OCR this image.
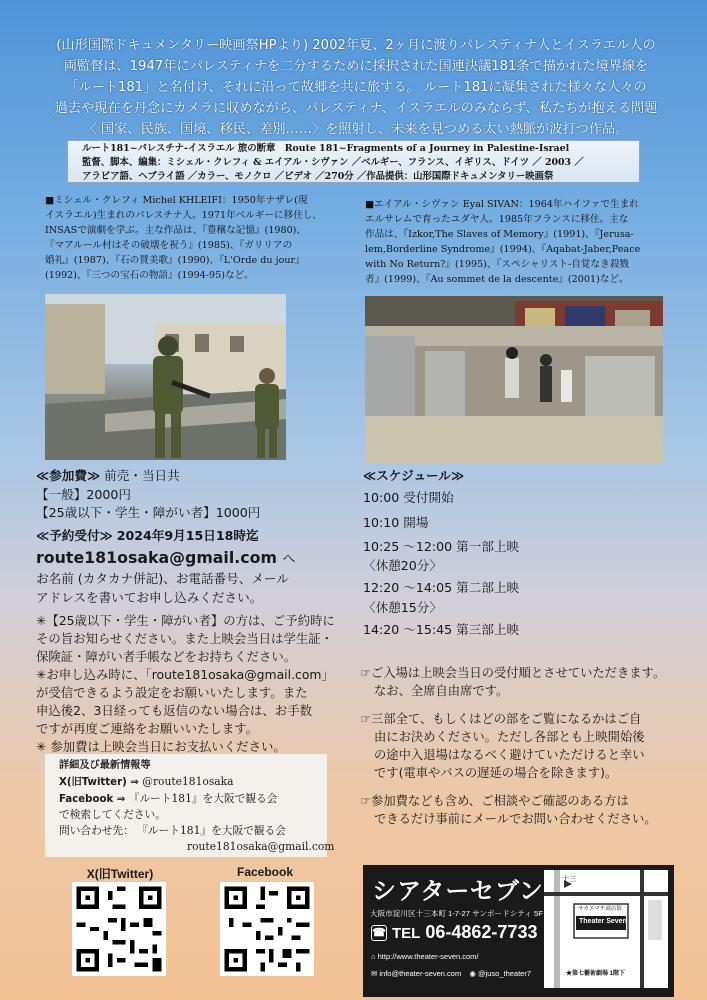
(山形国際ドキュメンタリー映画祭HPより) 2002年夏、2ヶ月に渡りパレスティナ人とイスラエル人の
両監督は、1947年にパレスティナを二分するために採択された国連決議181条で描かれた境界線を
「ルート181」と名付け、それに沿って故郷を共に旅する。 ルート181に凝集された様々な人々の
過去や現在を丹念にカメラに収めながら、パレスティナ、イスラエルのみならず、私たちが抱える問題
〈 国家、民族、国境、移民、差別……〉を照射し、未来を見つめる太い熱脈が波打つ作品。
ルート181~パレスチナ-イスラエル 旅の断章　Route 181~Fragments of a Journey in Palestine-Israel
監督、脚本、編集：ミシェル・クレフィ & エイアル・シヴァン ／ベルギー、フランス、イギリス、ドイツ ／ 2003 ／
アラビア語、ヘブライ語 ／カラー、モノクロ ／ビデオ ／270分 ／作品提供：山形国際ドキュメンタリー映画祭
■ミシェル・クレフィ Michel KHLEIFI：1950年ナザレ(現
イスラエル)生まれのパレスチナ人。1971年ベルギーに移住し、
INSASで演劇を学ぶ。主な作品は、『豊穣な記憶』(1980)、
『マアルール村はその破壊を祝う』(1985)、『ガリリアの
婚礼』(1987)、『石の賛美歌』(1990)、『L'Orde du jour』
(1992)、『三つの宝石の物語』(1994-95)など。
■エイアル・シヴァン Eyal SIVAN：1964年ハイファで生まれ
エルサレムで育ったユダヤ人。1985年フランスに移住。主な
作品は、『Izkor,The Slaves of Memory』(1991)、『Jerusa-
lem,Borderline Syndrome』(1994)、『Aqabat-Jaber,Peace
with No Return?』(1995)、『スペシャリスト-自覚なき殺戮
者』(1999)、『Au sommet de la descente』(2001)など。
≪参加費≫ 前売・当日共
【一般】2000円
【25歳以下・学生・障がい者】1000円
≪予約受付≫ 2024年9月15日18時迄
route181osaka@gmail.com へ
お名前 (カタカナ併記)、お電話番号、メール
アドレスを書いてお申し込みください。
✳【25歳以下・学生・障がい者】の方は、ご予約時に
その旨お知らせください。また上映会当日は学生証・
保険証・障がい者手帳などをお持ちください。
✳お申し込み時に、「route181osaka@gmail.com」
が受信できるよう設定をお願いいたします。また
申込後2、3日経っても返信のない場合は、お手数
ですが再度ご連絡をお願いいたします。
✳ 参加費は上映会当日にお支払いください。
≪スケジュール≫
10:00 受付開始
10:10 開場
10:25 ～12:00 第一部上映
〈休憩20分〉
12:20 ～14:05 第二部上映
〈休憩15分〉
14:20 ～15:45 第三部上映

☞ご入場は上映会当日の受付順とさせていただきます。
なお、全席自由席です。

☞三部全て、もしくはどの部をご覧になるかはご自
由にお決めください。ただし各部とも上映開始後
の途中入退場はなるべく避けていただけると幸い
です(電車やバスの遅延の場合を除きます)。

☞参加費なども含め、ご相談やご確認のある方は
できるだけ事前にメールでお問い合わせください。

詳細及び最新情報等
X(旧Twitter) ⇒ @route181osaka
Facebook ⇒ 『ルート181』を大阪で観る会
で検索してください。
問い合わせ先： 『ルート181』を大阪で観る会
route181osaka@gmail.com
X(旧Twitter)	Facebook
シアターセブン
大阪市淀川区十三本町 1-7-27 サンポードシティ 5F
☎ TEL 06-4862-7733
⌂ http://www.theater-seven.com/
✉ info@theater-seven.com ◉ @juso_theater7
サカエマチ商店街
Theater Seven
十三
★第七藝術劇場 1階下
